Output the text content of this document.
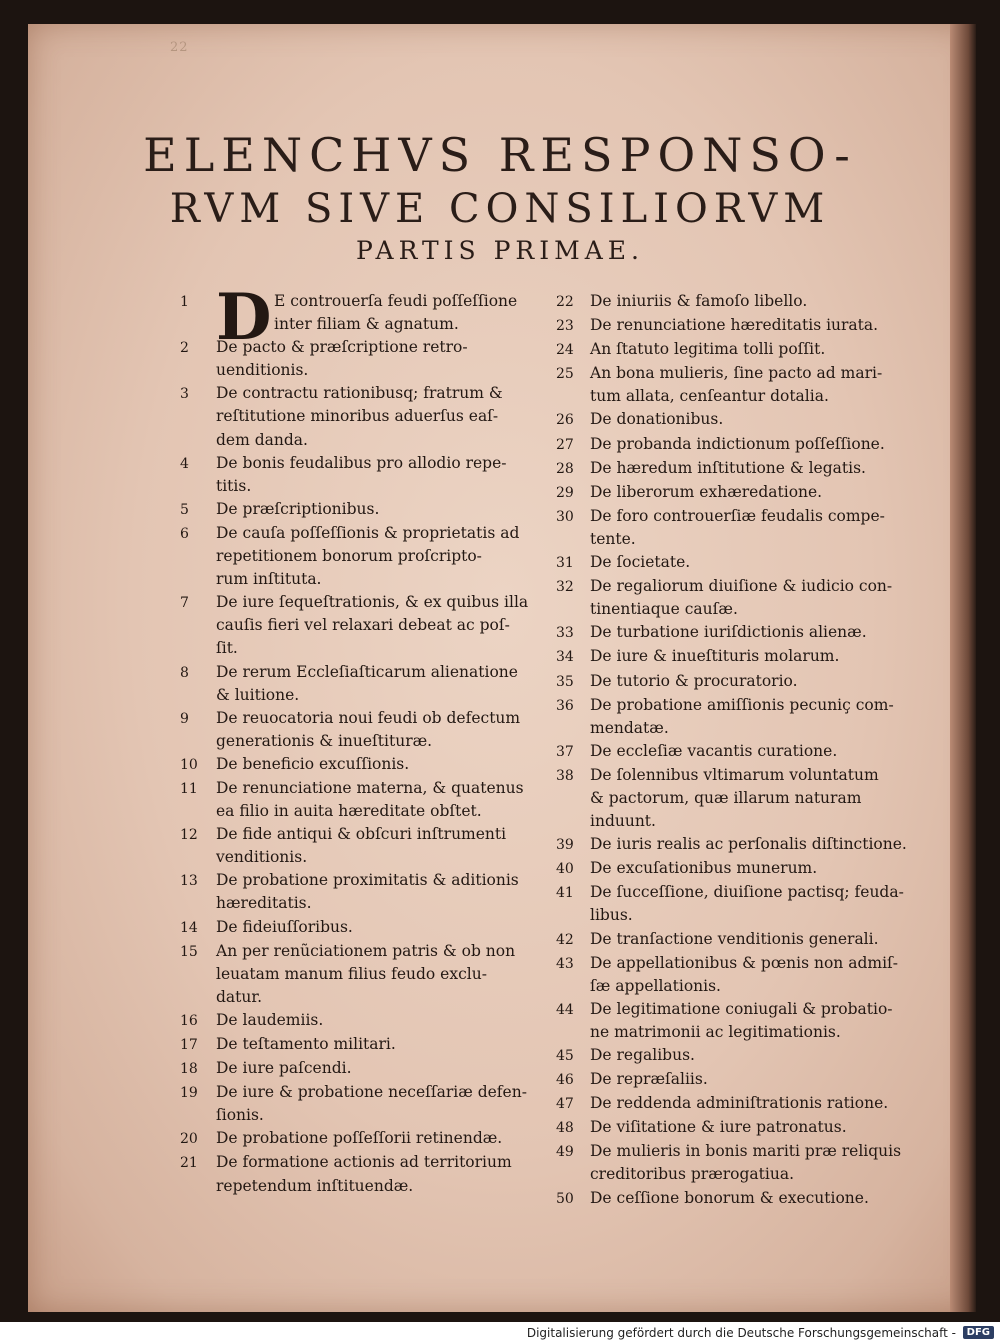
22
ELENCHVS RESPONSO-
RVM SIVE CONSILIORVM
PARTIS PRIMAE.
D
1	E controuerſa feudi poſſeſſione
inter filiam & agnatum.
2	De pacto & præſcriptione retro-
uenditionis.
3	De contractu rationibusq; fratrum &
reſtitutione minoribus aduerſus eaſ-
dem danda.
4	De bonis feudalibus pro allodio repe-
titis.
5	De præſcriptionibus.
6	De cauſa poſſeſſionis & proprietatis ad
repetitionem bonorum proſcripto-
rum inſtituta.
7	De iure ſequeſtrationis, & ex quibus illa
cauſis fieri vel relaxari debeat ac poſ-
ſit.
8	De rerum Eccleſiaſticarum alienatione
& luitione.
9	De reuocatoria noui feudi ob defectum
generationis & inueſtituræ.
10	De beneficio excuſſionis.
11	De renunciatione materna, & quatenus
ea filio in auita hæreditate obſtet.
12	De fide antiqui & obſcuri inſtrumenti
venditionis.
13	De probatione proximitatis & aditionis
hæreditatis.
14	De fideiuſſoribus.
15	An per renũciationem patris & ob non
leuatam manum filius feudo exclu-
datur.
16	De laudemiis.
17	De teſtamento militari.
18	De iure paſcendi.
19	De iure & probatione neceſſariæ defen-
ſionis.
20	De probatione poſſeſſorii retinendæ.
21	De formatione actionis ad territorium
repetendum inſtituendæ.
22	De iniuriis & famoſo libello.
23	De renunciatione hæreditatis iurata.
24	An ſtatuto legitima tolli poſſit.
25	An bona mulieris, ſine pacto ad mari-
tum allata, cenſeantur dotalia.
26	De donationibus.
27	De probanda indictionum poſſeſſione.
28	De hæredum inſtitutione & legatis.
29	De liberorum exhæredatione.
30	De foro controuerſiæ feudalis compe-
tente.
31	De ſocietate.
32	De regaliorum diuiſione & iudicio con-
tinentiaque cauſæ.
33	De turbatione iuriſdictionis alienæ.
34	De iure & inueſtituris molarum.
35	De tutorio & procuratorio.
36	De probatione amiſſionis pecuniç com-
mendatæ.
37	De eccleſiæ vacantis curatione.
38	De ſolennibus vltimarum voluntatum
& pactorum, quæ illarum naturam
induunt.
39	De iuris realis ac perſonalis diſtinctione.
40	De excuſationibus munerum.
41	De ſucceſſione, diuiſione pactisq; feuda-
libus.
42	De tranſactione venditionis generali.
43	De appellationibus & pœnis non admiſ-
ſæ appellationis.
44	De legitimatione coniugali & probatio-
ne matrimonii ac legitimationis.
45	De regalibus.
46	De repræſaliis.
47	De reddenda adminiſtrationis ratione.
48	De viſitatione & iure patronatus.
49	De mulieris in bonis mariti præ reliquis
creditoribus prærogatiua.
50	De ceſſione bonorum & executione.
Digitalisierung gefördert durch die Deutsche Forschungsgemeinschaft -	DFG
